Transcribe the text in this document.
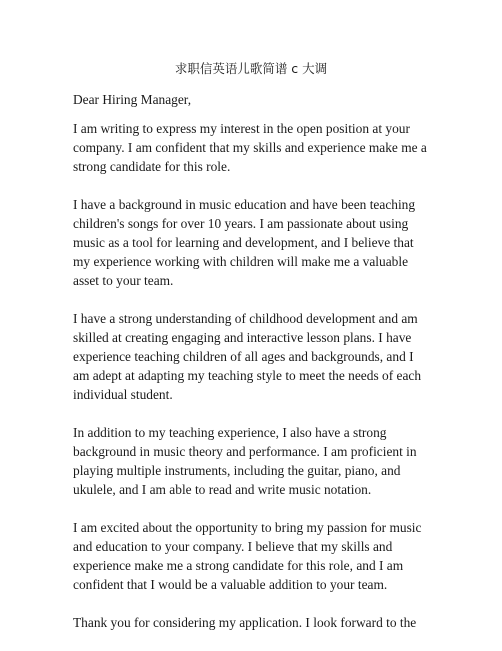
求职信英语儿歌简谱 c 大调

Dear Hiring Manager,

I am writing to express my interest in the open position at your company. I am confident that my skills and experience make me a strong candidate for this role.

I have a background in music education and have been teaching children's songs for over 10 years. I am passionate about using music as a tool for learning and development, and I believe that my experience working with children will make me a valuable asset to your team.

I have a strong understanding of childhood development and am skilled at creating engaging and interactive lesson plans. I have experience teaching children of all ages and backgrounds, and I am adept at adapting my teaching style to meet the needs of each individual student.

In addition to my teaching experience, I also have a strong background in music theory and performance. I am proficient in playing multiple instruments, including the guitar, piano, and ukulele, and I am able to read and write music notation.

I am excited about the opportunity to bring my passion for music and education to your company. I believe that my skills and experience make me a strong candidate for this role, and I am confident that I would be a valuable addition to your team.

Thank you for considering my application. I look forward to the
